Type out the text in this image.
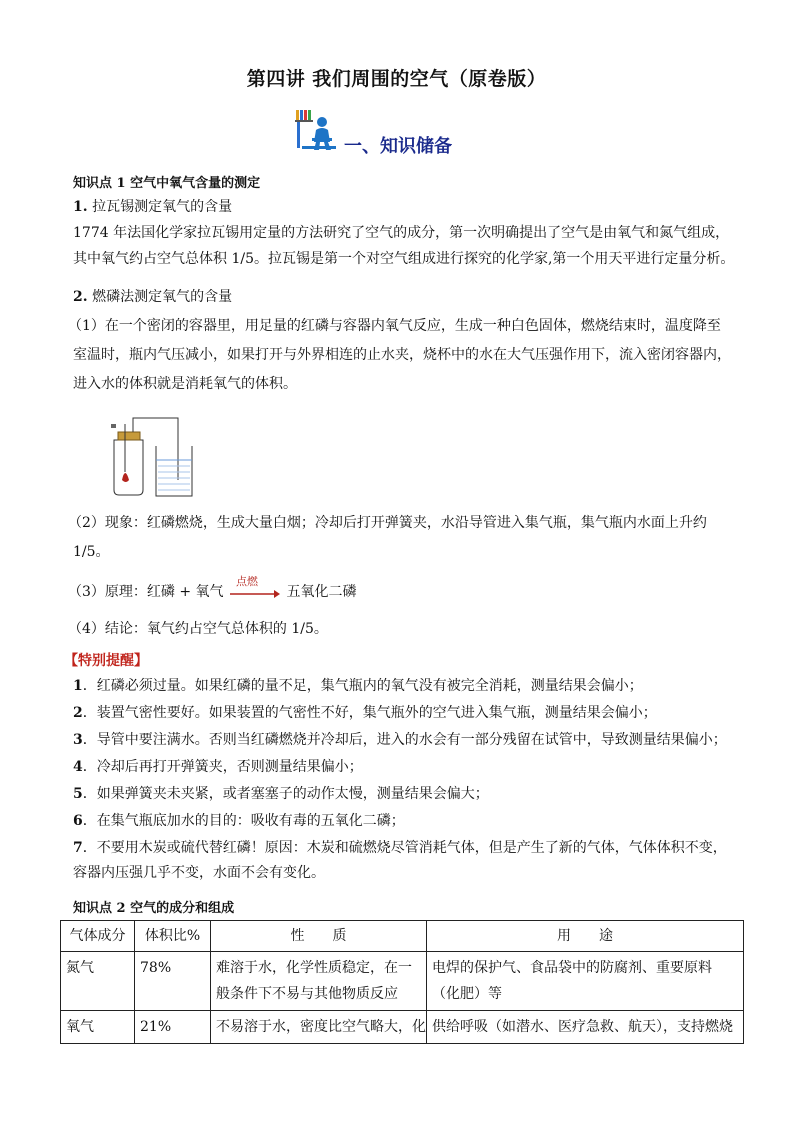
第四讲 我们周围的空气（原卷版）
一、知识储备
知识点 1 空气中氧气含量的测定
1. 拉瓦锡测定氧气的含量
1774 年法国化学家拉瓦锡用定量的方法研究了空气的成分，第一次明确提出了空气是由氧气和氮气组成，
其中氧气约占空气总体积 1/5。拉瓦锡是第一个对空气组成进行探究的化学家,第一个用天平进行定量分析。
2. 燃磷法测定氧气的含量
（1）在一个密闭的容器里，用足量的红磷与容器内氧气反应，生成一种白色固体，燃烧结束时，温度降至
室温时，瓶内气压减小，如果打开与外界相连的止水夹，烧杯中的水在大气压强作用下，流入密闭容器内，
进入水的体积就是消耗氧气的体积。
（2）现象：红磷燃烧，生成大量白烟；冷却后打开弹簧夹，水沿导管进入集气瓶，集气瓶内水面上升约
1/5。
（3）原理：红磷 + 氧气
点燃
五氧化二磷
（4）结论：氧气约占空气总体积的 1/5。
【特别提醒】
1．红磷必须过量。如果红磷的量不足，集气瓶内的氧气没有被完全消耗，测量结果会偏小；
2．装置气密性要好。如果装置的气密性不好，集气瓶外的空气进入集气瓶，测量结果会偏小；
3．导管中要注满水。否则当红磷燃烧并冷却后，进入的水会有一部分残留在试管中，导致测量结果偏小；
4．冷却后再打开弹簧夹，否则测量结果偏小；
5．如果弹簧夹未夹紧，或者塞塞子的动作太慢，测量结果会偏大；
6．在集气瓶底加水的目的：吸收有毒的五氧化二磷；
7．不要用木炭或硫代替红磷！原因：木炭和硫燃烧尽管消耗气体，但是产生了新的气体，气体体积不变，
容器内压强几乎不变，水面不会有变化。
知识点 2 空气的成分和组成
气体成分	体积比%	性　　质	用　　途
氮气	78%	难溶于水，化学性质稳定，在一般条件下不易与其他物质反应	电焊的保护气、食品袋中的防腐剂、重要原料（化肥）等
氧气	21%	不易溶于水，密度比空气略大，化	供给呼吸（如潜水、医疗急救、航天），支持燃烧
